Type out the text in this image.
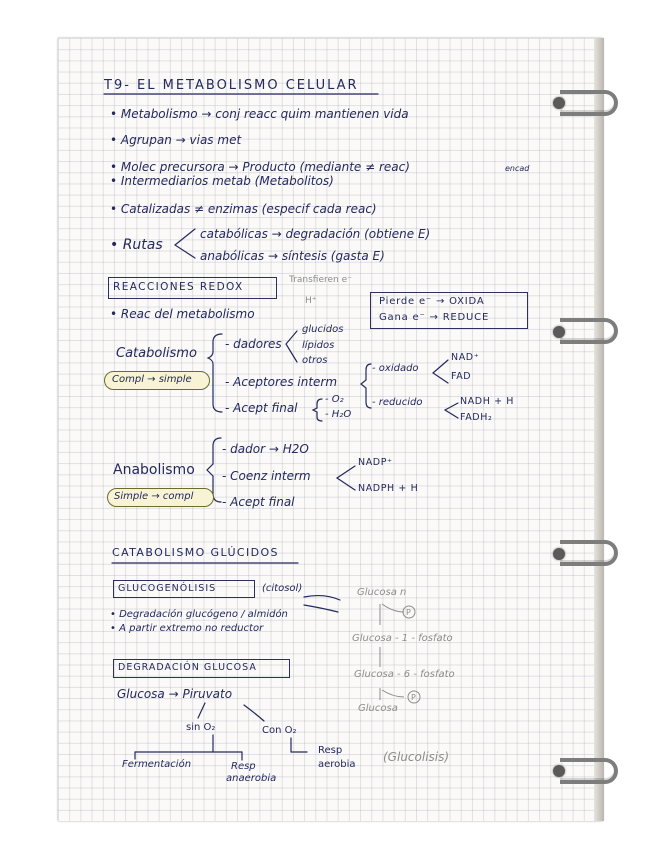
T9- EL METABOLISMO CELULAR
• Metabolismo → conj reacc quim mantienen vida
• Agrupan → vias met
• Molec precursora → Producto (mediante ≠ reac)	encad
• Intermediarios metab (Metabolitos)
• Catalizadas ≠ enzimas (especif cada reac)
• Rutas
catabólicas → degradación (obtiene E)
anabólicas → síntesis (gasta E)
REACCIONES REDOX
Transfieren e⁻
H⁺	Pierde e⁻ → OXIDA
Gana e⁻ → REDUCE
• Reac del metabolismo
Catabolismo
Compl → simple
- dadores
glucidos
lípidos
otros
- Aceptores interm
- Acept final
- O₂
- H₂O
- oxidado
- reducido
NAD⁺
FAD
NADH + H
FADH₂
Anabolismo
Simple → compl
- dador → H2O
- Coenz interm
- Acept final
NADP⁺
NADPH + H
CATABOLISMO GLÚCIDOS
GLUCOGENÓLISIS	(citosol)
• Degradación glucógeno / almidón
• A partir extremo no reductor
Glucosa n
P
Glucosa - 1 - fosfato
Glucosa - 6 - fosfato
P
Glucosa
DEGRADACIÓN GLUCOSA
Glucosa → Piruvato
sin O₂	Con O₂
Fermentación	Resp
anaerobia
Resp
aerobia
(Glucolisis)
